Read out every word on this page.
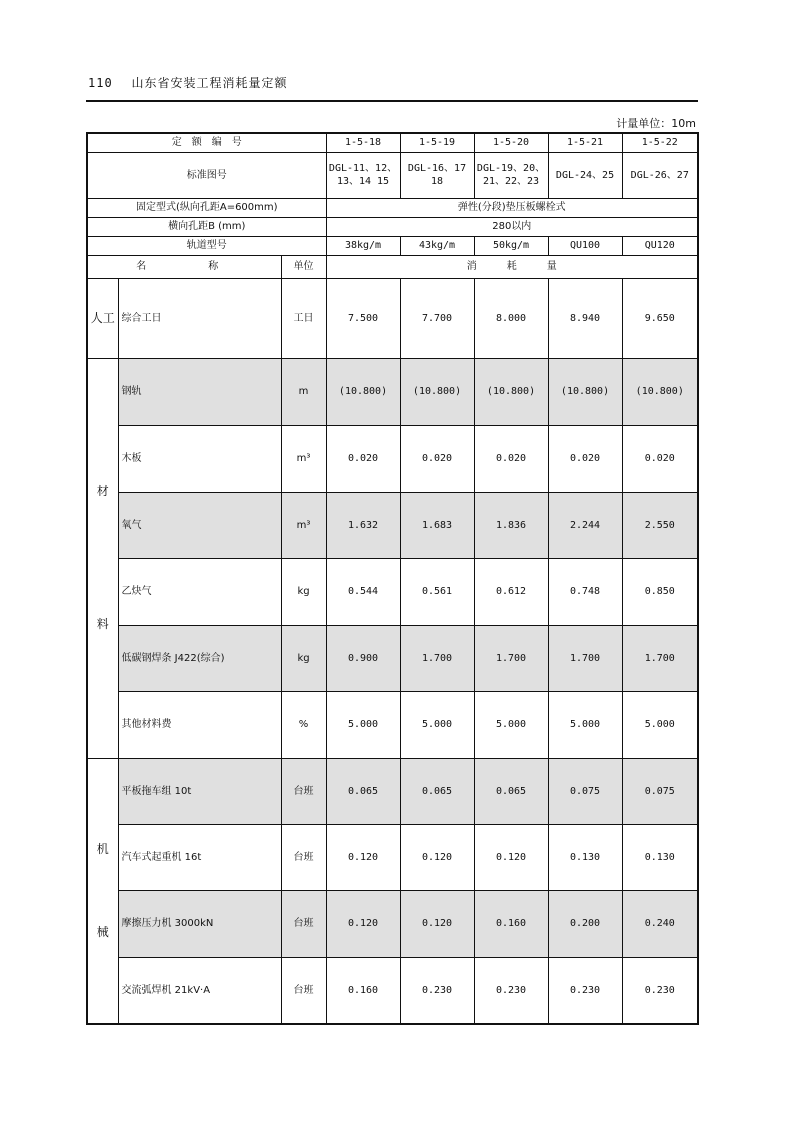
110 山东省安装工程消耗量定额
计量单位：10m
定　额　编　号			1-5-18	1-5-19	1-5-20	1-5-21	1-5-22
标准图号			DGL-11、12、13、14 15	DGL-16、17 18	DGL-19、20、21、22、23	DGL-24、25	DGL-26、27
固定型式(纵向孔距A=600mm)			弹性(分段)垫压板螺栓式				
横向孔距B (mm)			280以内				
轨道型号			38kg/m	43kg/m	50kg/m	QU100	QU120
名　　称		单位	消　　　耗　　　量				

人工	综合工日	工日	7.500	7.700	8.000	8.940	9.650

材
料	钢轨	m	(10.800)	(10.800)	(10.800)	(10.800)	(10.800)
	木板	m³	0.020	0.020	0.020	0.020	0.020
	氧气	m³	1.632	1.683	1.836	2.244	2.550
	乙炔气	kg	0.544	0.561	0.612	0.748	0.850
	低碳钢焊条 J422(综合)	kg	0.900	1.700	1.700	1.700	1.700
	其他材料费	%	5.000	5.000	5.000	5.000	5.000

机
械	平板拖车组 10t	台班	0.065	0.065	0.065	0.075	0.075
	汽车式起重机 16t	台班	0.120	0.120	0.120	0.130	0.130
	摩擦压力机 3000kN	台班	0.120	0.120	0.160	0.200	0.240
	交流弧焊机 21kV·A	台班	0.160	0.230	0.230	0.230	0.230
